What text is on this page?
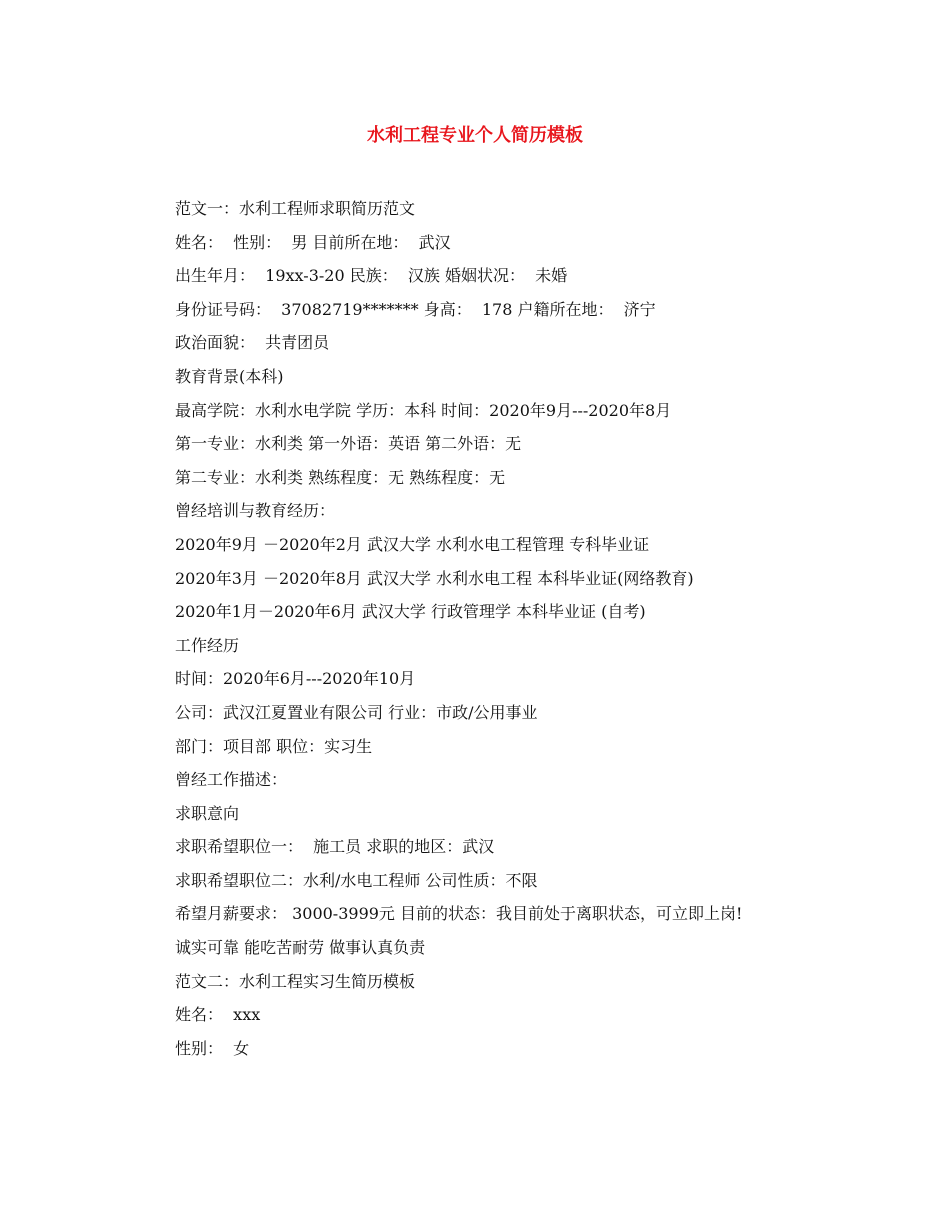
水利工程专业个人简历模板
范文一：水利工程师求职简历范文
姓名：  性别：  男 目前所在地：  武汉
出生年月：  19xx-3-20 民族：  汉族 婚姻状况：  未婚
身份证号码：  37082719******* 身高：  178 户籍所在地：  济宁
政治面貌：  共青团员
教育背景(本科)
最高学院：水利水电学院 学历：本科 时间：2020年9月---2020年8月
第一专业：水利类 第一外语：英语 第二外语：无
第二专业：水利类 熟练程度：无 熟练程度：无
曾经培训与教育经历：
2020年9月 －2020年2月 武汉大学 水利水电工程管理 专科毕业证
2020年3月 －2020年8月 武汉大学 水利水电工程 本科毕业证(网络教育)
2020年1月－2020年6月 武汉大学 行政管理学 本科毕业证 (自考)
工作经历
时间：2020年6月---2020年10月
公司：武汉江夏置业有限公司 行业：市政/公用事业
部门：项目部 职位：实习生
曾经工作描述：
求职意向
求职希望职位一：  施工员 求职的地区：武汉
求职希望职位二：水利/水电工程师 公司性质：不限
希望月薪要求： 3000-3999元 目前的状态：我目前处于离职状态，可立即上岗!
诚实可靠 能吃苦耐劳 做事认真负责
范文二：水利工程实习生简历模板
姓名：  xxx
性别：  女
